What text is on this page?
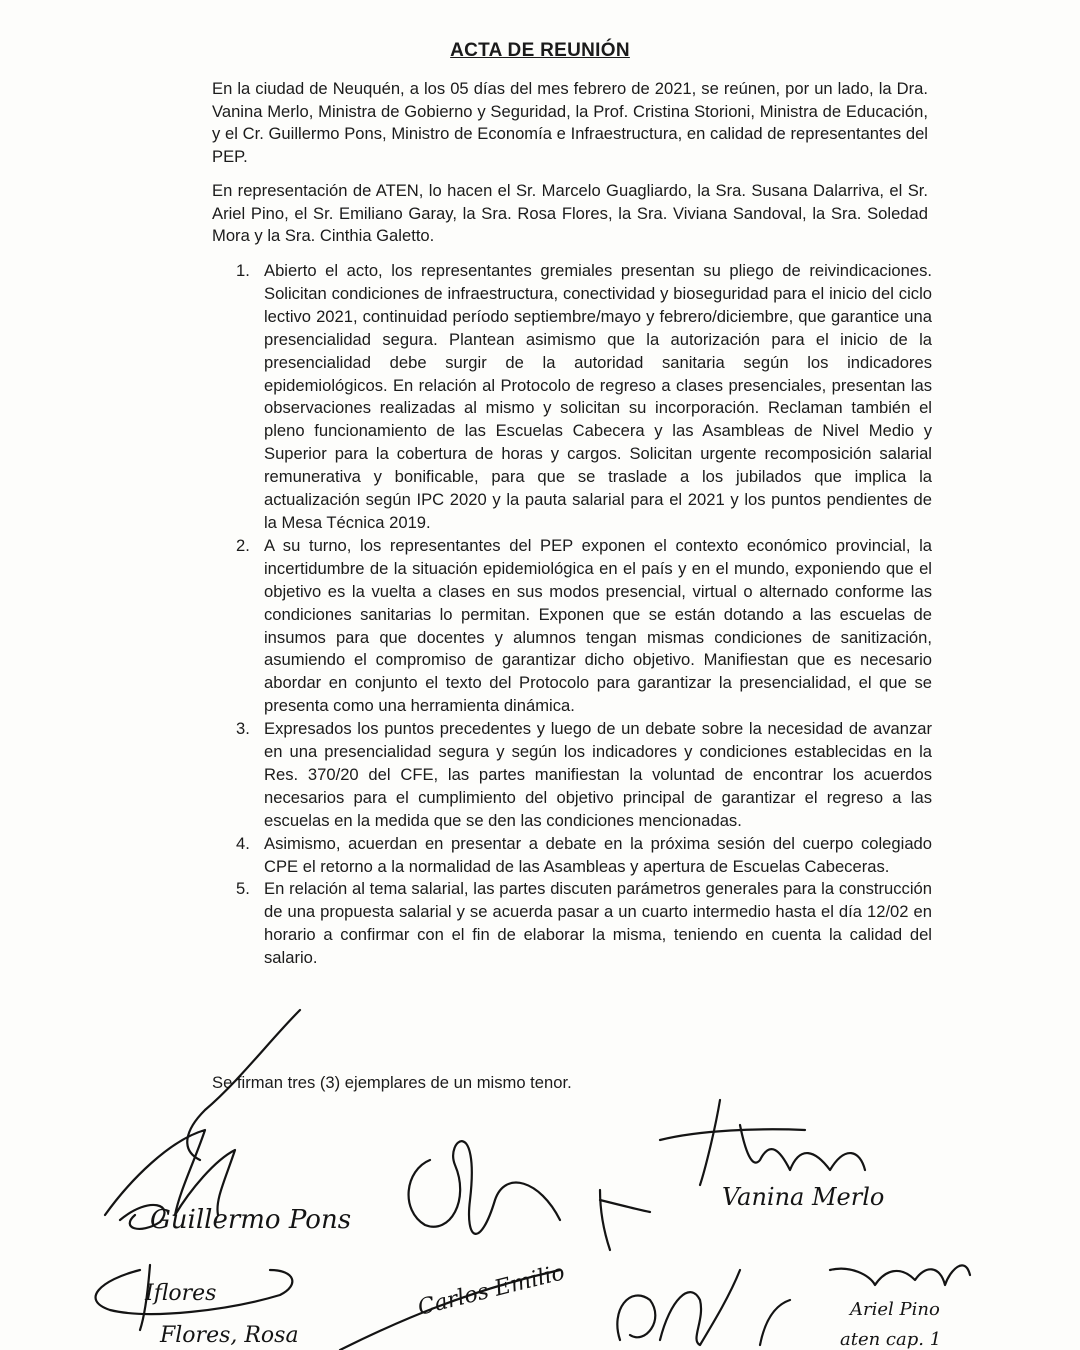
ACTA DE REUNIÓN
En la ciudad de Neuquén, a los 05 días del mes febrero de 2021, se reúnen, por un lado, la Dra. Vanina Merlo, Ministra de Gobierno y Seguridad, la Prof. Cristina Storioni, Ministra de Educación, y el Cr. Guillermo Pons, Ministro de Economía e Infraestructura, en calidad de representantes del PEP.
En representación de ATEN, lo hacen el Sr. Marcelo Guagliardo, la Sra. Susana Dalarriva, el Sr. Ariel Pino, el Sr. Emiliano Garay, la Sra. Rosa Flores, la Sra. Viviana Sandoval, la Sra. Soledad Mora y la Sra. Cinthia Galetto.
1. Abierto el acto, los representantes gremiales presentan su pliego de reivindicaciones. Solicitan condiciones de infraestructura, conectividad y bioseguridad para el inicio del ciclo lectivo 2021, continuidad período septiembre/mayo y febrero/diciembre, que garantice una presencialidad segura. Plantean asimismo que la autorización para el inicio de la presencialidad debe surgir de la autoridad sanitaria según los indicadores epidemiológicos. En relación al Protocolo de regreso a clases presenciales, presentan las observaciones realizadas al mismo y solicitan su incorporación. Reclaman también el pleno funcionamiento de las Escuelas Cabecera y las Asambleas de Nivel Medio y Superior para la cobertura de horas y cargos. Solicitan urgente recomposición salarial remunerativa y bonificable, para que se traslade a los jubilados que implica la actualización según IPC 2020 y la pauta salarial para el 2021 y los puntos pendientes de la Mesa Técnica 2019.
2. A su turno, los representantes del PEP exponen el contexto económico provincial, la incertidumbre de la situación epidemiológica en el país y en el mundo, exponiendo que el objetivo es la vuelta a clases en sus modos presencial, virtual o alternado conforme las condiciones sanitarias lo permitan. Exponen que se están dotando a las escuelas de insumos para que docentes y alumnos tengan mismas condiciones de sanitización, asumiendo el compromiso de garantizar dicho objetivo. Manifiestan que es necesario abordar en conjunto el texto del Protocolo para garantizar la presencialidad, el que se presenta como una herramienta dinámica.
3. Expresados los puntos precedentes y luego de un debate sobre la necesidad de avanzar en una presencialidad segura y según los indicadores y condiciones establecidas en la Res. 370/20 del CFE, las partes manifiestan la voluntad de encontrar los acuerdos necesarios para el cumplimiento del objetivo principal de garantizar el regreso a las escuelas en la medida que se den las condiciones mencionadas.
4. Asimismo, acuerdan en presentar a debate en la próxima sesión del cuerpo colegiado CPE el retorno a la normalidad de las Asambleas y apertura de Escuelas Cabeceras.
5. En relación al tema salarial, las partes discuten parámetros generales para la construcción de una propuesta salarial y se acuerda pasar a un cuarto intermedio hasta el día 12/02 en horario a confirmar con el fin de elaborar la misma, teniendo en cuenta la calidad del salario.
Se firman tres (3) ejemplares de un mismo tenor.
Guillermo Pons
Vanina Merlo
Iflores
Flores, Rosa
Carlos Emilio	Ariel Pino
aten cap. 1
